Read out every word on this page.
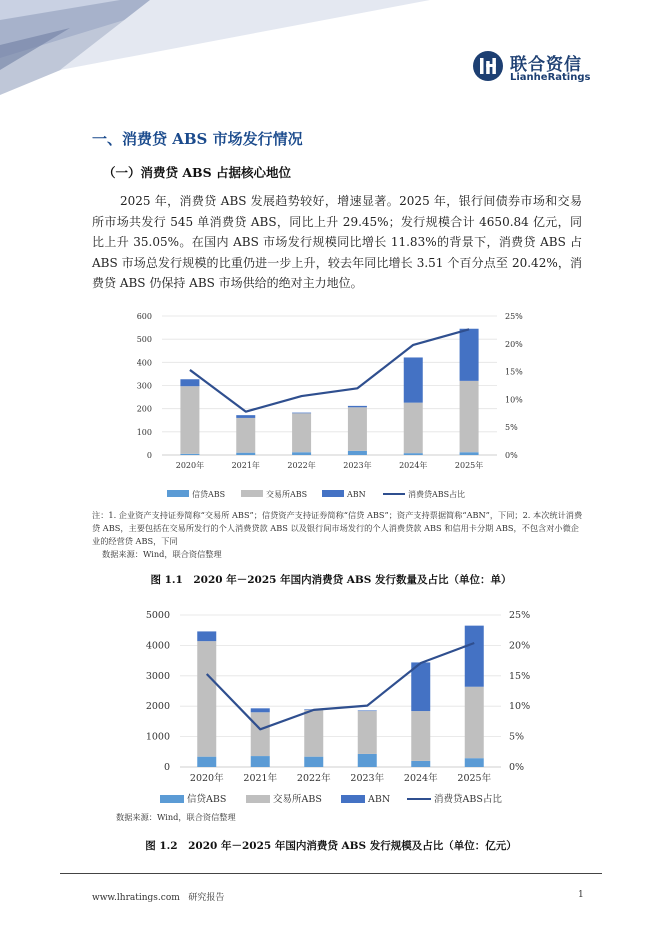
联合资信
LianheRatings
一、消费贷 ABS 市场发行情况
（一）消费贷 ABS 占据核心地位
2025 年，消费贷 ABS 发展趋势较好，增速显著。2025 年，银行间债券市场和交易所市场共发行 545 单消费贷 ABS，同比上升 29.45%；发行规模合计 4650.84 亿元，同比上升 35.05%。在国内 ABS 市场发行规模同比增长 11.83%的背景下，消费贷 ABS 占 ABS 市场总发行规模的比重仍进一步上升，较去年同比增长 3.51 个百分点至 20.42%，消费贷 ABS 仍保持 ABS 市场供给的绝对主力地位。
0
100
200
300
400
500
600
0%
5%
10%
15%
20%
25%
2020年	2021年	2022年	2023年	2024年	2025年
信贷ABS	交易所ABS	ABN	消费贷ABS占比
注：1. 企业资产支持证券简称“交易所 ABS”；信贷资产支持证券简称“信贷 ABS”；资产支持票据简称“ABN”，下同；2. 本次统计消费贷 ABS，主要包括在交易所发行的个人消费贷款 ABS 以及银行间市场发行的个人消费贷款 ABS 和信用卡分期 ABS，不包含对小微企业的经营贷 ABS，下同
数据来源：Wind，联合资信整理
图 1.1　2020 年－2025 年国内消费贷 ABS 发行数量及占比（单位：单）
0
1000
2000
3000
4000
5000
0%
5%
10%
15%
20%
25%
2020年 2021年 2022年 2023年 2024年 2025年
信贷ABS	交易所ABS	ABN	消费贷ABS占比
数据来源：Wind，联合资信整理
图 1.2　2020 年－2025 年国内消费贷 ABS 发行规模及占比（单位：亿元）
www.lhratings.com 研究报告	1
